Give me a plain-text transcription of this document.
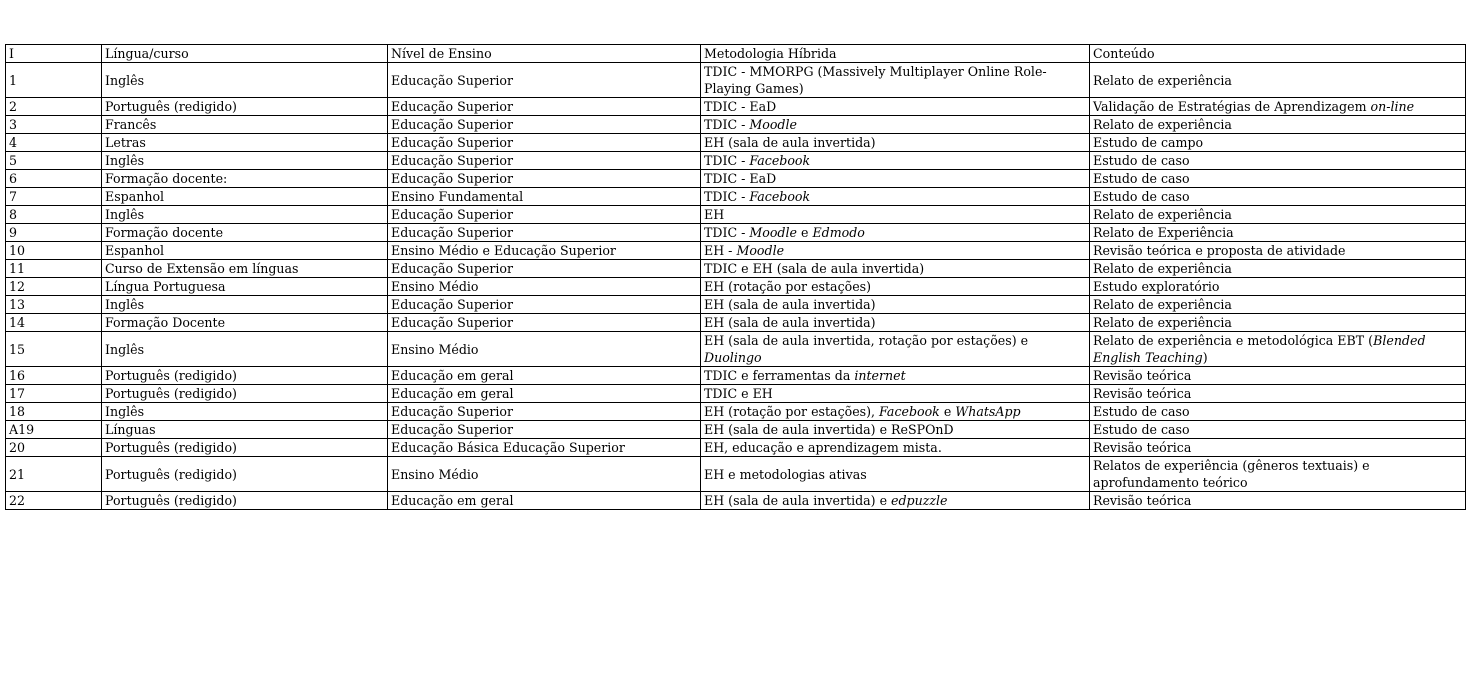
I	Língua/curso	Nível de Ensino	Metodologia Híbrida	Conteúdo
1	Inglês	Educação Superior	TDIC - MMORPG (Massively Multiplayer Online Role-Playing Games)	Relato de experiência
2	Português (redigido)	Educação Superior	TDIC - EaD	Validação de Estratégias de Aprendizagem on-line
3	Francês	Educação Superior	TDIC - Moodle	Relato de experiência
4	Letras	Educação Superior	EH (sala de aula invertida)	Estudo de campo
5	Inglês	Educação Superior	TDIC - Facebook	Estudo de caso
6	Formação docente:	Educação Superior	TDIC - EaD	Estudo de caso
7	Espanhol	Ensino Fundamental	TDIC - Facebook	Estudo de caso
8	Inglês	Educação Superior	EH	Relato de experiência
9	Formação docente	Educação Superior	TDIC - Moodle e Edmodo	Relato de Experiência
10	Espanhol	Ensino Médio e Educação Superior	EH - Moodle	Revisão teórica e proposta de atividade
11	Curso de Extensão em línguas	Educação Superior	TDIC e EH (sala de aula invertida)	Relato de experiência
12	Língua Portuguesa	Ensino Médio	EH (rotação por estações)	Estudo exploratório
13	Inglês	Educação Superior	EH (sala de aula invertida)	Relato de experiência
14	Formação Docente	Educação Superior	EH (sala de aula invertida)	Relato de experiência
15	Inglês	Ensino Médio	EH (sala de aula invertida, rotação por estações) e Duolingo	Relato de experiência e metodológica EBT (Blended English Teaching)
16	Português (redigido)	Educação em geral	TDIC e ferramentas da internet	Revisão teórica
17	Português (redigido)	Educação em geral	TDIC e EH	Revisão teórica
18	Inglês	Educação Superior	EH (rotação por estações), Facebook e WhatsApp	Estudo de caso
A19	Línguas	Educação Superior	EH (sala de aula invertida) e ReSPOnD	Estudo de caso
20	Português (redigido)	Educação Básica Educação Superior	EH, educação e aprendizagem mista.	Revisão teórica
21	Português (redigido)	Ensino Médio	EH e metodologias ativas	Relatos de experiência (gêneros textuais) e aprofundamento teórico
22	Português (redigido)	Educação em geral	EH (sala de aula invertida) e edpuzzle	Revisão teórica
